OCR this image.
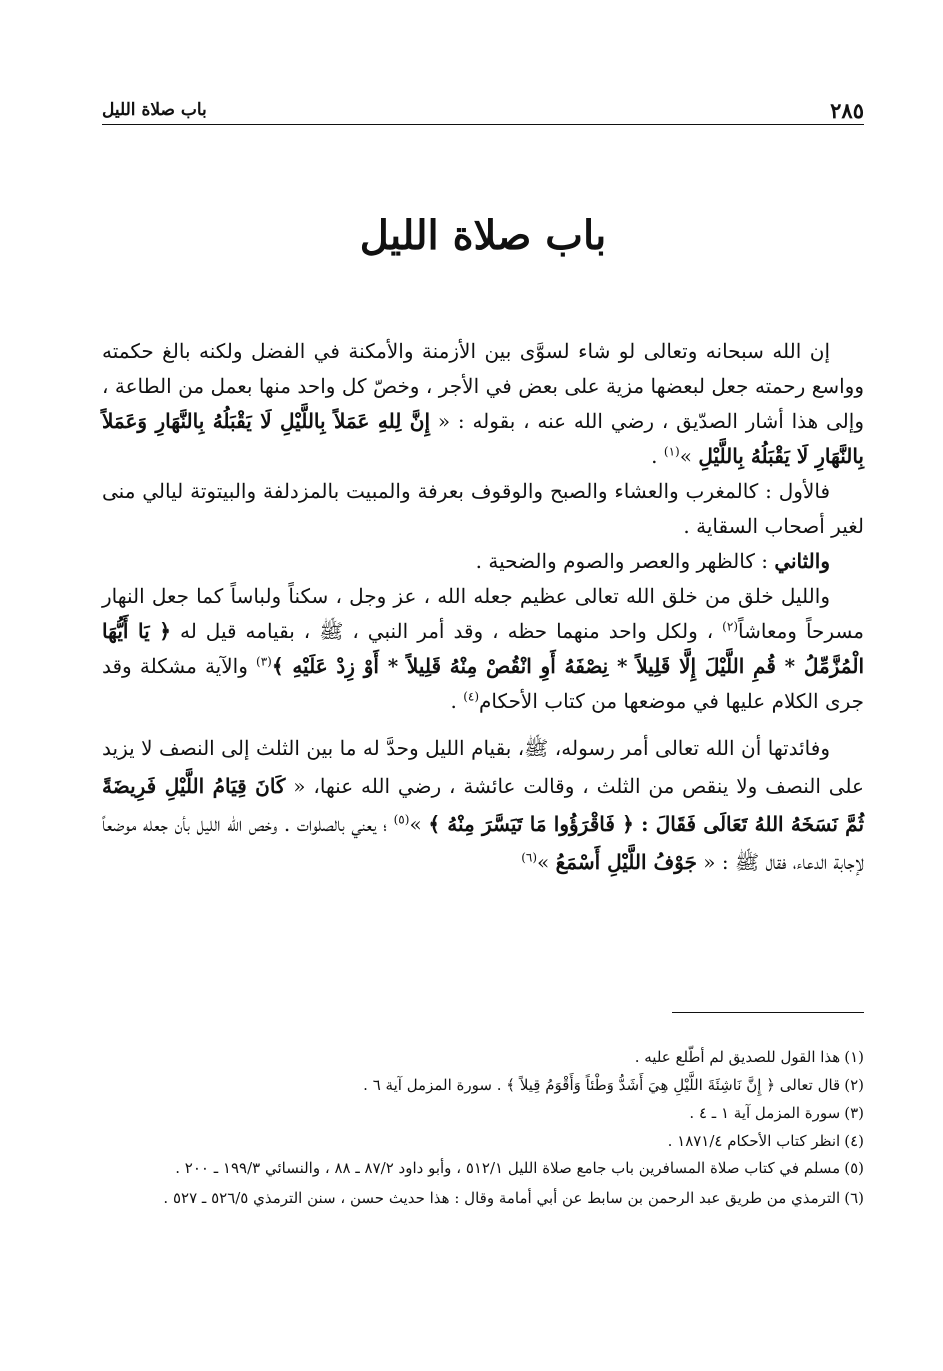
٢٨٥
باب صلاة الليل
باب صلاة الليل

إن الله سبحانه وتعالى لو شاء لسوَّى بين الأزمنة والأمكنة في الفضل ولكنه بالغ حكمته وواسع رحمته جعل لبعضها مزية على بعض في الأجر ، وخصّ كل واحد منها بعمل من الطاعة ، وإلى هذا أشار الصدّيق ، رضي الله عنه ، بقوله : « إِنَّ لِلهِ عَمَلاً بِاللَّيْلِ لَا يَقْبَلُهُ بِالنَّهَارِ وَعَمَلاً بِالنَّهَارِ لَا يَقْبَلُهُ بِاللَّيْلِ »$^{(١)}$ .

فالأول : كالمغرب والعشاء والصبح والوقوف بعرفة والمبيت بالمزدلفة والبيتوتة ليالي منى لغير أصحاب السقاية .

والثاني : كالظهر والعصر والصوم والضحية .

والليل خلق من خلق الله تعالى عظيم جعله الله ، عز وجل ، سكناً ولباساً كما جعل النهار مسرحاً ومعاشاً$^{(٢)}$ ، ولكل واحد منهما حظه ، وقد أمر النبي ، ﷺ ، بقيامه قيل له ﴿ يَا أَيُّهَا الْمُزَّمِّلُ * قُمِ اللَّيْلَ إِلَّا قَلِيلاً * نِصْفَهُ أَوِ انْقُصْ مِنْهُ قَلِيلاً * أَوْ زِدْ عَلَيْهِ ﴾$^{(٣)}$ والآية مشكلة وقد جرى الكلام عليها في موضعها من كتاب الأحكام$^{(٤)}$ .

وفائدتها أن الله تعالى أمر رسوله، ﷺ، بقيام الليل وحدَّ له ما بين الثلث إلى النصف لا يزيد على النصف ولا ينقص من الثلث ، وقالت عائشة ، رضي الله عنها، « كَانَ قِيَامُ اللَّيْلِ فَرِيضَةً ثُمَّ نَسَخَهُ اللهُ تَعَالَى فَقَالَ : ﴿ فَاقْرَؤُوا مَا تَيَسَّرَ مِنْهُ ﴾ »$^{(٥)}$ ؛ يعني بالصلوات . وخص الله الليل بأن جعله موضعاً لإجابة الدعاء، فقال ﷺ : « جَوْفُ اللَّيْلِ أَسْمَعُ »$^{(٦)}$

(١)هذا القول للصديق لم أطّلع عليه .
(٢)قال تعالى ﴿ إِنَّ نَاشِئَةَ اللَّيْلِ هِيَ أَشَدُّ وَطْئاً وَأَقْوَمُ قِيلاً ﴾ . سورة المزمل آية ٦ .
(٣)سورة المزمل آية ١ ـ ٤ .
(٤)انظر كتاب الأحكام ١٨٧١/٤ .
(٥)مسلم في كتاب صلاة المسافرين باب جامع صلاة الليل ٥١٢/١ ، وأبو داود ٨٧/٢ ـ ٨٨ ، والنسائي ١٩٩/٣ ـ ٢٠٠ .
(٦)الترمذي من طريق عبد الرحمن بن سابط عن أبي أمامة وقال : هذا حديث حسن ، سنن الترمذي ٥٢٦/٥ ـ ٥٢٧ .
